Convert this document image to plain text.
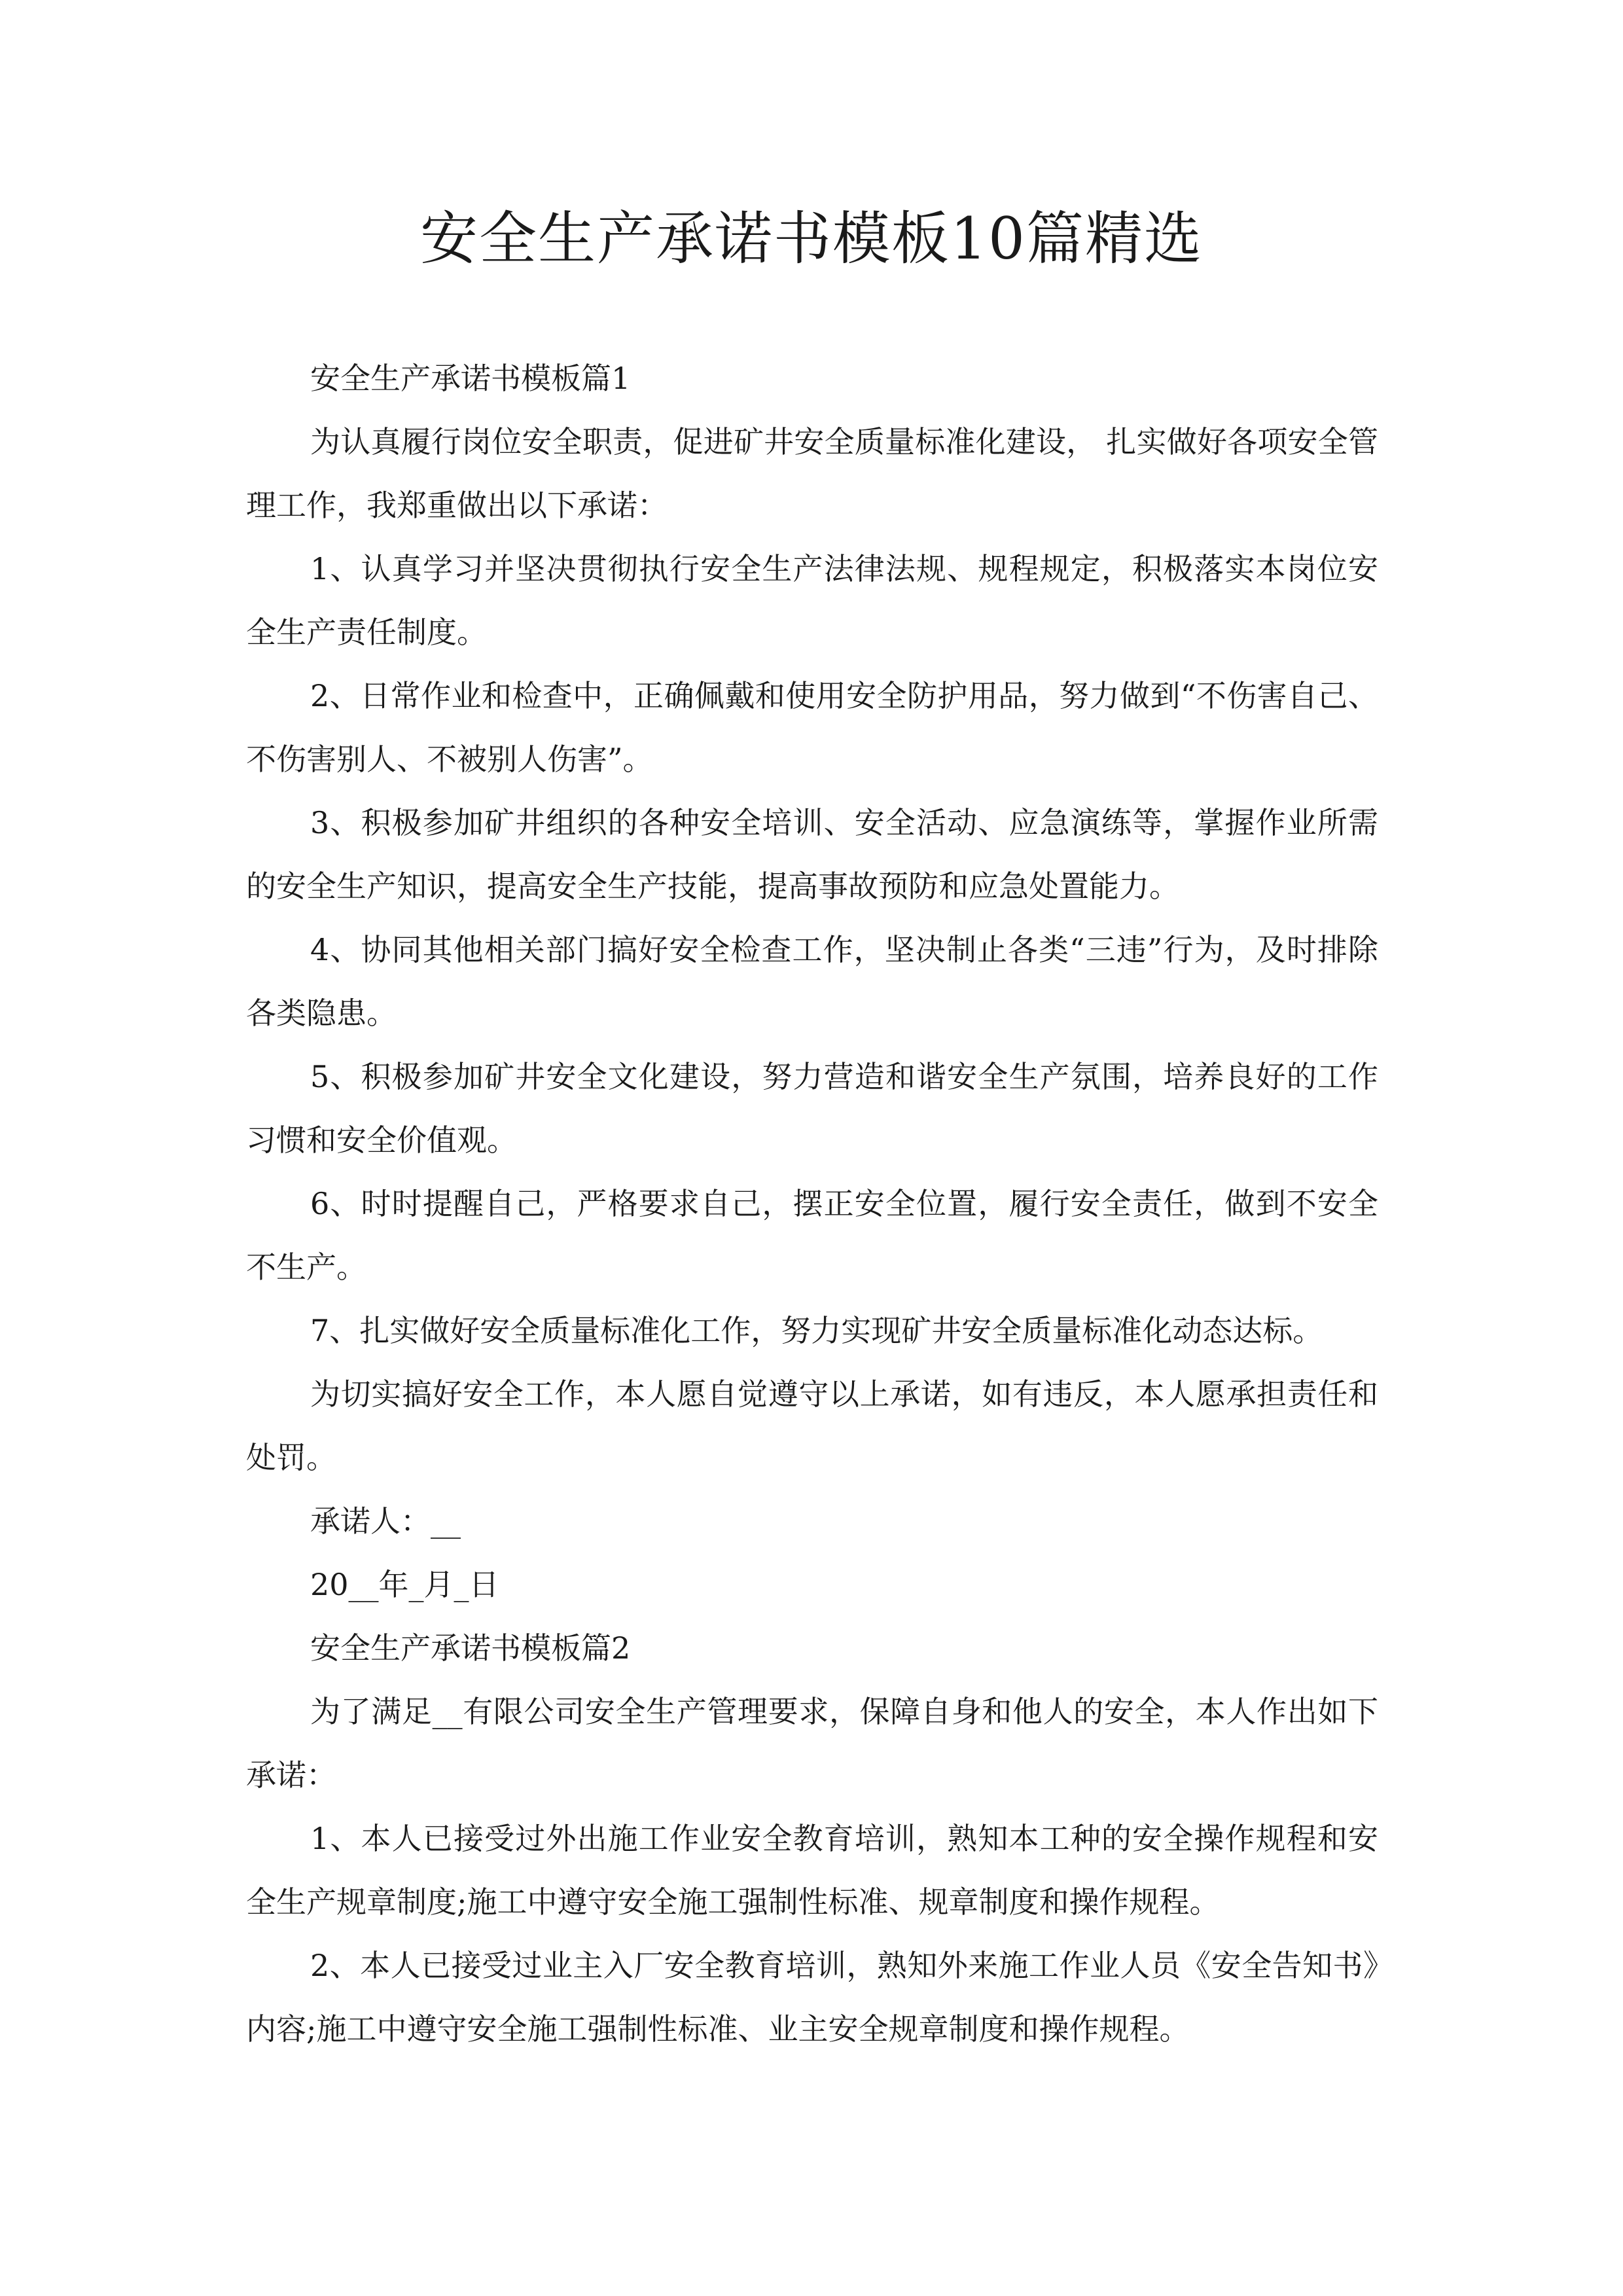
安全生产承诺书模板10篇精选

安全生产承诺书模板篇1

为认真履行岗位安全职责，促进矿井安全质量标准化建设， 扎实做好各项安全管理工作，我郑重做出以下承诺：

1、认真学习并坚决贯彻执行安全生产法律法规、规程规定，积极落实本岗位安全生产责任制度。

2、日常作业和检查中，正确佩戴和使用安全防护用品，努力做到“不伤害自己、不伤害别人、不被别人伤害”。

3、积极参加矿井组织的各种安全培训、安全活动、应急演练等，掌握作业所需的安全生产知识，提高安全生产技能，提高事故预防和应急处置能力。

4、协同其他相关部门搞好安全检查工作，坚决制止各类“三违”行为，及时排除各类隐患。

5、积极参加矿井安全文化建设，努力营造和谐安全生产氛围，培养良好的工作习惯和安全价值观。

6、时时提醒自己，严格要求自己，摆正安全位置，履行安全责任，做到不安全不生产。

7、扎实做好安全质量标准化工作，努力实现矿井安全质量标准化动态达标。

为切实搞好安全工作，本人愿自觉遵守以上承诺，如有违反，本人愿承担责任和处罚。

承诺人：__

20__年_月_日

安全生产承诺书模板篇2

为了满足__有限公司安全生产管理要求，保障自身和他人的安全，本人作出如下承诺：

1、本人已接受过外出施工作业安全教育培训，熟知本工种的安全操作规程和安全生产规章制度;施工中遵守安全施工强制性标准、规章制度和操作规程。

2、本人已接受过业主入厂安全教育培训，熟知外来施工作业人员《安全告知书》内容;施工中遵守安全施工强制性标准、业主安全规章制度和操作规程。
